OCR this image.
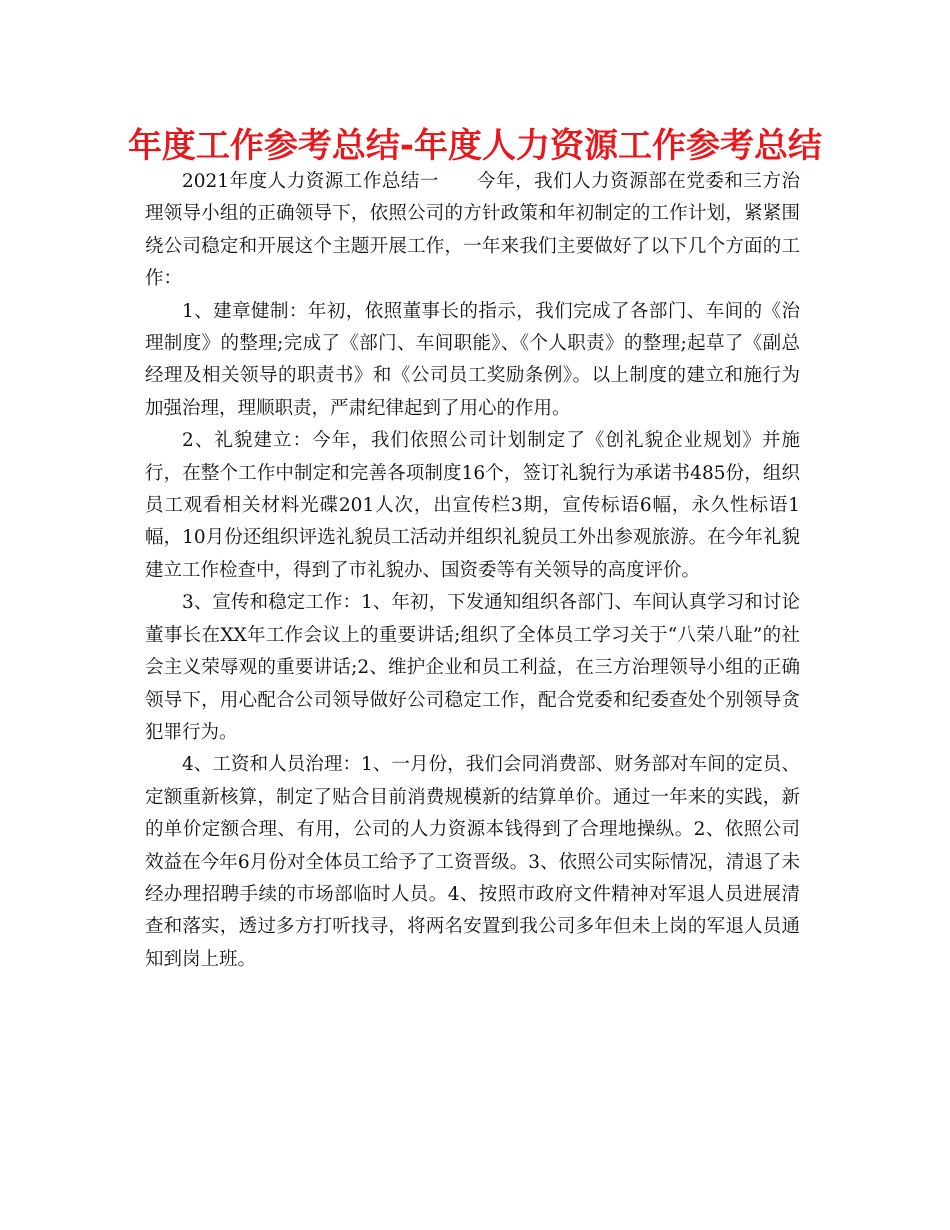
年度工作参考总结-年度人力资源工作参考总结

2021年度人力资源工作总结一　　今年，我们人力资源部在党委和三方治理领导小组的正确领导下，依照公司的方针政策和年初制定的工作计划，紧紧围绕公司稳定和开展这个主题开展工作，一年来我们主要做好了以下几个方面的工作：

1、建章健制：年初，依照董事长的指示，我们完成了各部门、车间的《治理制度》的整理;完成了《部门、车间职能》、《个人职责》的整理;起草了《副总经理及相关领导的职责书》和《公司员工奖励条例》。以上制度的建立和施行为加强治理，理顺职责，严肃纪律起到了用心的作用。

2、礼貌建立：今年，我们依照公司计划制定了《创礼貌企业规划》并施行，在整个工作中制定和完善各项制度16个，签订礼貌行为承诺书485份，组织员工观看相关材料光碟201人次，出宣传栏3期，宣传标语6幅，永久性标语1幅，10月份还组织评选礼貌员工活动并组织礼貌员工外出参观旅游。在今年礼貌建立工作检查中，得到了市礼貌办、国资委等有关领导的高度评价。

3、宣传和稳定工作：1、年初，下发通知组织各部门、车间认真学习和讨论董事长在XX年工作会议上的重要讲话;组织了全体员工学习关于“八荣八耻”的社会主义荣辱观的重要讲话;2、维护企业和员工利益，在三方治理领导小组的正确领导下，用心配合公司领导做好公司稳定工作，配合党委和纪委查处个别领导贪犯罪行为。

4、工资和人员治理：1、一月份，我们会同消费部、财务部对车间的定员、定额重新核算，制定了贴合目前消费规模新的结算单价。通过一年来的实践，新的单价定额合理、有用，公司的人力资源本钱得到了合理地操纵。2、依照公司效益在今年6月份对全体员工给予了工资晋级。3、依照公司实际情况，清退了未经办理招聘手续的市场部临时人员。4、按照市政府文件精神对军退人员进展清查和落实，透过多方打听找寻，将两名安置到我公司多年但未上岗的军退人员通知到岗上班。
